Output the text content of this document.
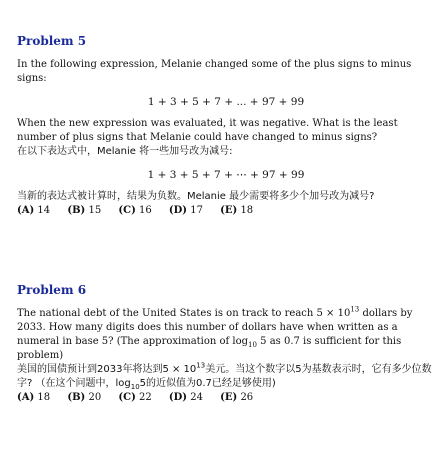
Problem 5

In the following expression, Melanie changed some of the plus signs to minus signs:

1 + 3 + 5 + 7 + ... + 97 + 99

When the new expression was evaluated, it was negative. What is the least number of plus signs that Melanie could have changed to minus signs?

在以下表达式中，Melanie 将一些加号改为减号:

1 + 3 + 5 + 7 + ⋯ + 97 + 99

当新的表达式被计算时，结果为负数。Melanie 最少需要将多少个加号改为减号?

(A) 14 (B) 15 (C) 16 (D) 17 (E) 18

Problem 6

The national debt of the United States is on track to reach $5 \times 10^{13}$ dollars by 2033. How many digits does this number of dollars have when written as a numeral in base 5? (The approximation of $\log_{10} 5$ as 0.7 is sufficient for this problem)

美国的国债预计到2033年将达到$5 \times 10^{13}$美元。当这个数字以5为基数表示时，它有多少位数字? （在这个问题中，$\log_{10}5$的近似值为0.7已经足够使用)

(A) 18 (B) 20 (C) 22 (D) 24 (E) 26
